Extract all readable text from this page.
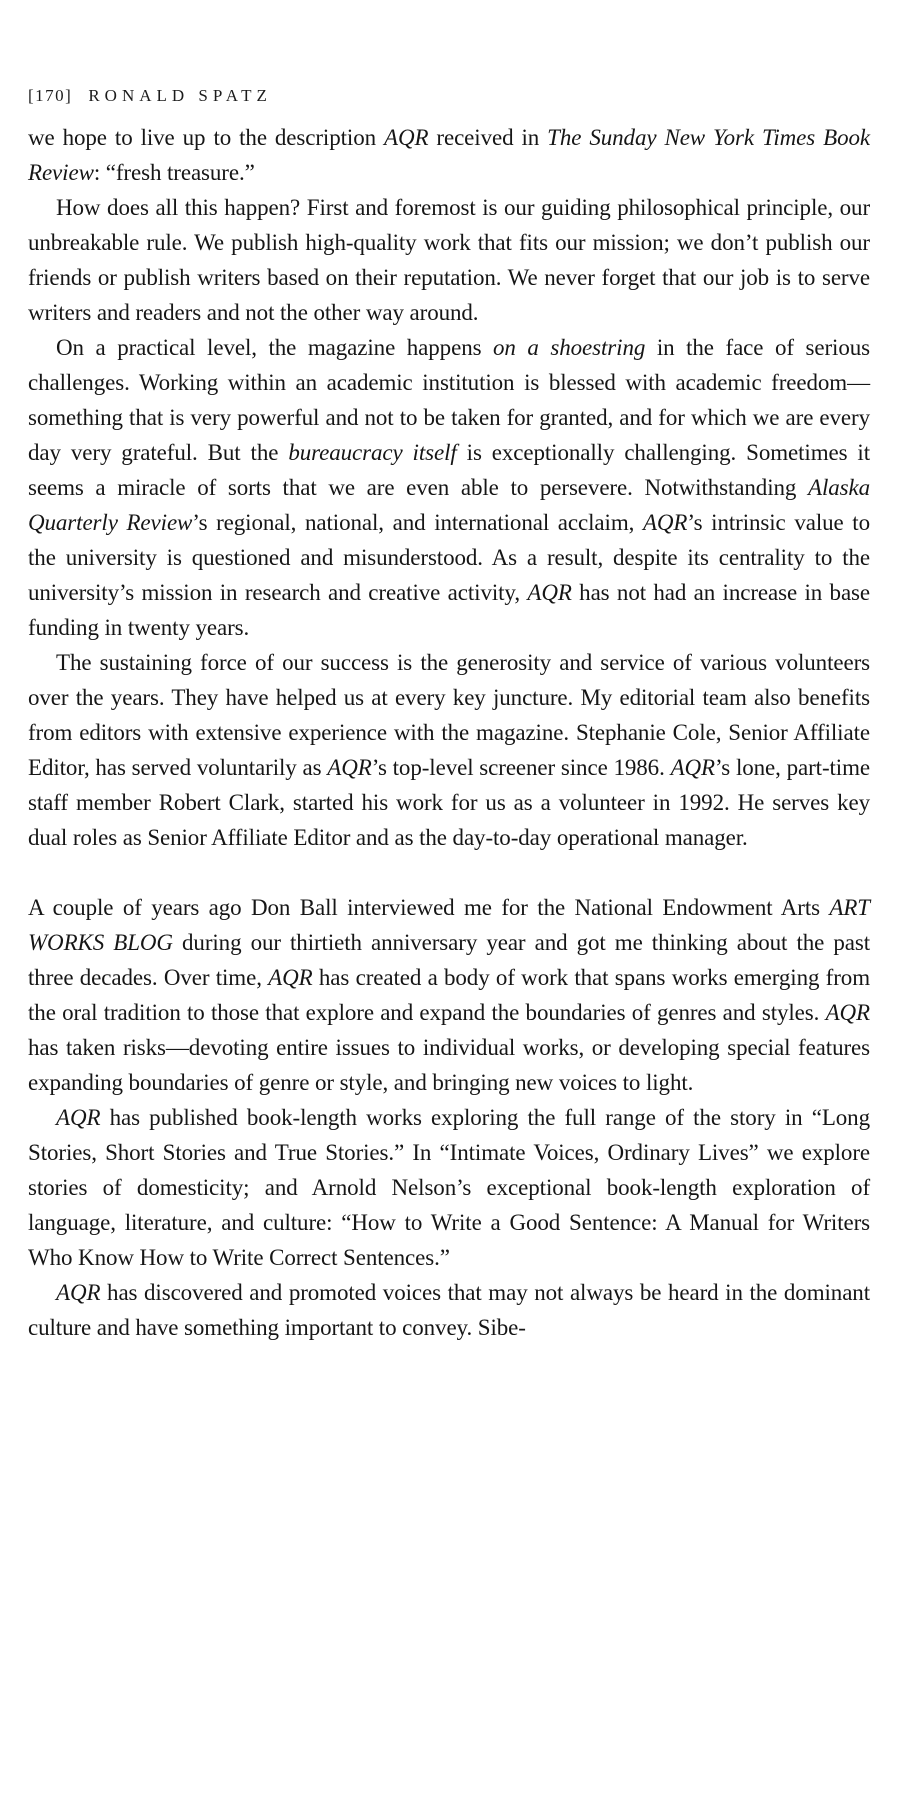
[170] RONALD SPATZ

we hope to live up to the description AQR received in The Sunday New York Times Book Review: “fresh treasure.”

How does all this happen? First and foremost is our guiding philosophical principle, our unbreakable rule. We publish high-quality work that fits our mission; we don’t publish our friends or publish writers based on their reputation. We never forget that our job is to serve writers and readers and not the other way around.

On a practical level, the magazine happens on a shoestring in the face of serious challenges. Working within an academic institution is blessed with academic freedom—something that is very powerful and not to be taken for granted, and for which we are every day very grateful. But the bureaucracy itself is exceptionally challenging. Sometimes it seems a miracle of sorts that we are even able to persevere. Notwithstanding Alaska Quarterly Review’s regional, national, and international acclaim, AQR’s intrinsic value to the university is questioned and misunderstood. As a result, despite its centrality to the university’s mission in research and creative activity, AQR has not had an increase in base funding in twenty years.

The sustaining force of our success is the generosity and service of various volunteers over the years. They have helped us at every key juncture. My editorial team also benefits from editors with extensive experience with the magazine. Stephanie Cole, Senior Affiliate Editor, has served voluntarily as AQR’s top-level screener since 1986. AQR’s lone, part-time staff member Robert Clark, started his work for us as a volunteer in 1992. He serves key dual roles as Senior Affiliate Editor and as the day-to-day operational manager.

A couple of years ago Don Ball interviewed me for the National Endowment Arts ART WORKS BLOG during our thirtieth anniversary year and got me thinking about the past three decades. Over time, AQR has created a body of work that spans works emerging from the oral tradition to those that explore and expand the boundaries of genres and styles. AQR has taken risks—devoting entire issues to individual works, or developing special features expanding boundaries of genre or style, and bringing new voices to light.

AQR has published book-length works exploring the full range of the story in “Long Stories, Short Stories and True Stories.” In “Intimate Voices, Ordinary Lives” we explore stories of domesticity; and Arnold Nelson’s exceptional book-length exploration of language, literature, and culture: “How to Write a Good Sentence: A Manual for Writers Who Know How to Write Correct Sentences.”

AQR has discovered and promoted voices that may not always be heard in the dominant culture and have something important to convey. Sibe-
